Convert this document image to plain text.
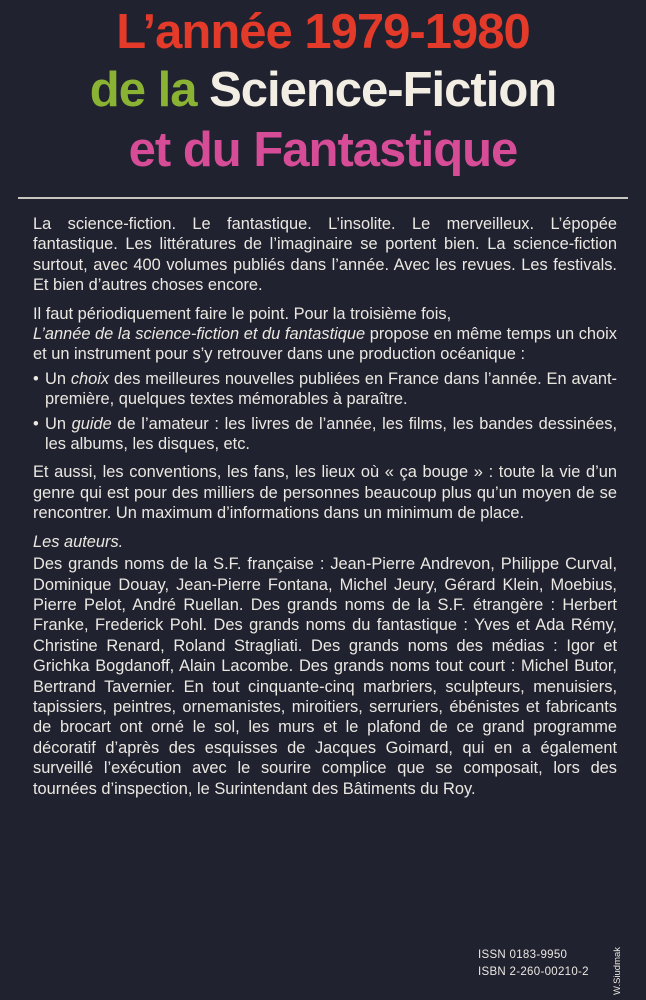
L’année 1979-1980
de la Science-Fiction
et du Fantastique

La science-fiction. Le fantastique. L’insolite. Le merveilleux. L’épopée fantastique. Les littératures de l’imaginaire se portent bien. La science-fiction surtout, avec 400 volumes publiés dans l’année. Avec les revues. Les festivals. Et bien d’autres choses encore.

Il faut périodiquement faire le point. Pour la troisième fois,
L’année de la science-fiction et du fantastique propose en même temps un choix et un instrument pour s’y retrouver dans une production océanique :

• Un choix des meilleures nouvelles publiées en France dans l’année. En avant-première, quelques textes mémorables à paraître.
• Un guide de l’amateur : les livres de l’année, les films, les bandes dessinées, les albums, les disques, etc.

Et aussi, les conventions, les fans, les lieux où « ça bouge » : toute la vie d’un genre qui est pour des milliers de personnes beaucoup plus qu’un moyen de se rencontrer. Un maximum d’informations dans un minimum de place.

Les auteurs.

Des grands noms de la S.F. française : Jean-Pierre Andrevon, Philippe Curval, Dominique Douay, Jean-Pierre Fontana, Michel Jeury, Gérard Klein, Moebius, Pierre Pelot, André Ruellan. Des grands noms de la S.F. étrangère : Herbert Franke, Frederick Pohl. Des grands noms du fantastique : Yves et Ada Rémy, Christine Renard, Roland Stragliati. Des grands noms des médias : Igor et Grichka Bogdanoff, Alain Lacombe. Des grands noms tout court : Michel Butor, Bertrand Tavernier. En tout cinquante-cinq marbriers, sculpteurs, menuisiers, tapissiers, peintres, ornemanistes, miroitiers, serruriers, ébénistes et fabricants de brocart ont orné le sol, les murs et le plafond de ce grand programme décoratif d’après des esquisses de Jacques Goimard, qui en a également surveillé l’exécution avec le sourire complice que se composait, lors des tournées d’inspection, le Surintendant des Bâtiments du Roy.

ISSN 0183-9950
ISBN 2-260-00210-2	W.Siudmak
